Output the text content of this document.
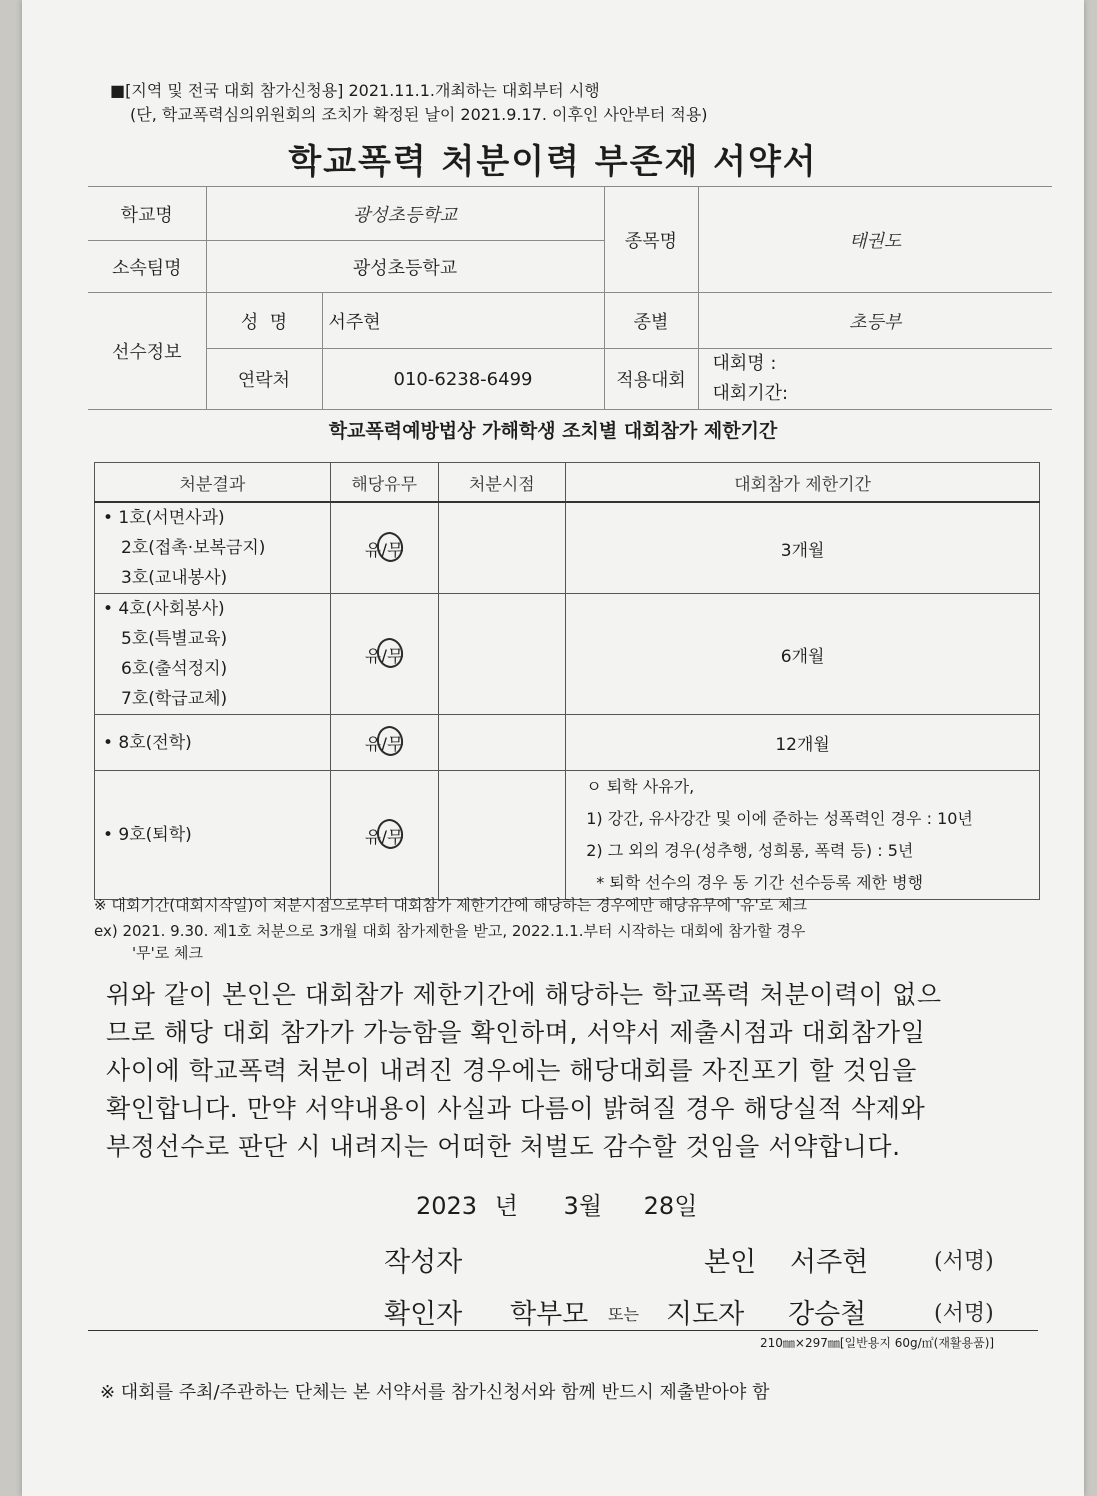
■[지역 및 전국 대회 참가신청용] 2021.11.1.개최하는 대회부터 시행
(단, 학교폭력심의위원회의 조치가 확정된 날이 2021.9.17. 이후인 사안부터 적용)
학교폭력 처분이력 부존재 서약서
학교명	광성초등학교		종목명	태권도
소속팀명	광성초등학교			
선수정보	성  명	서주현	종별	초등부
	연락처	010-6238-6499	적용대회	대회명 :
대회기간:
학교폭력예방법상 가해학생 조치별 대회참가 제한기간
처분결과	해당유무	처분시점	대회참가 제한기간

• 1호(서면사과)
2호(접촉·보복금지)
3호(교내봉사)	유/무		3개월

• 4호(사회봉사)
5호(특별교육)
6호(출석정지)
7호(학급교체)	유/무		6개월

• 8호(전학)	유/무		12개월

• 9호(퇴학)	유/무		ㅇ 퇴학 사유가,
1) 강간, 유사강간 및 이에 준하는 성폭력인 경우 : 10년
2) 그 외의 경우(성추행, 성희롱, 폭력 등) : 5년
* 퇴학 선수의 경우 동 기간 선수등록 제한 병행
※ 대회기간(대회시작일)이 처분시점으로부터 대회참가 제한기간에 해당하는 경우에만 해당유무에 '유'로 체크
ex) 2021. 9.30. 제1호 처분으로 3개월 대회 참가제한을 받고, 2022.1.1.부터 시작하는 대회에 참가할 경우
'무'로 체크
위와 같이 본인은 대회참가 제한기간에 해당하는 학교폭력 처분이력이 없으
므로 해당 대회 참가가 가능함을 확인하며, 서약서 제출시점과 대회참가일
사이에 학교폭력 처분이 내려진 경우에는 해당대회를 자진포기 할 것임을
확인합니다. 만약 서약내용이 사실과 다름이 밝혀질 경우 해당실적 삭제와
부정선수로 판단 시 내려지는 어떠한 처벌도 감수할 것임을 서약합니다.
2023 년 3월 28일
작성자	본인 서주현	(서명)
확인자 학부모 또는 지도자 강승철	(서명)
210㎜×297㎜[일반용지 60g/㎡(재활용품)]
※ 대회를 주최/주관하는 단체는 본 서약서를 참가신청서와 함께 반드시 제출받아야 함
